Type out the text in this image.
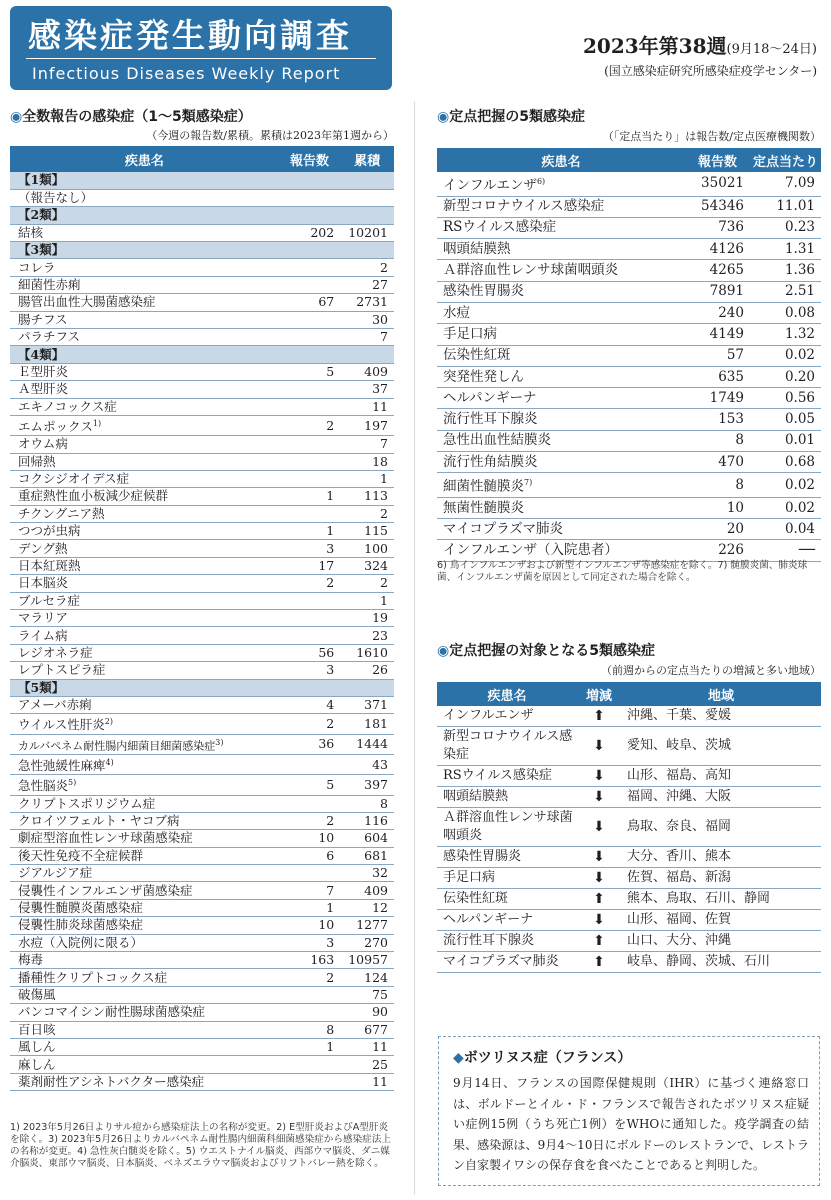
感染症発生動向調査
Infectious Diseases Weekly Report
2023年第38週(9月18～24日)
(国立感染症研究所感染症疫学センター)
◉全数報告の感染症（1～5類感染症）
（今週の報告数/累積。累積は2023年第1週から）
疾患名	報告数	累積
【1類】		
（報告なし）		
【2類】		
結核	202	10201
【3類】		
コレラ		2
細菌性赤痢		27
腸管出血性大腸菌感染症	67	2731
腸チフス		30
パラチフス		7
【4類】		
Ｅ型肝炎	5	409
Ａ型肝炎		37
エキノコックス症		11
エムポックス$^{1)}$	2	197
オウム病		7
回帰熱		18
コクシジオイデス症		1
重症熱性血小板減少症候群	1	113
チクングニア熱		2
つつが虫病	1	115
デング熱	3	100
日本紅斑熱	17	324
日本脳炎	2	2
ブルセラ症		1
マラリア		19
ライム病		23
レジオネラ症	56	1610
レプトスピラ症	3	26
【5類】		
アメーバ赤痢	4	371
ウイルス性肝炎$^{2)}$	2	181
カルバペネム耐性腸内細菌目細菌感染症$^{3)}$	36	1444
急性弛緩性麻痺$^{4)}$		43
急性脳炎$^{5)}$	5	397
クリプトスポリジウム症		8
クロイツフェルト・ヤコブ病	2	116
劇症型溶血性レンサ球菌感染症	10	604
後天性免疫不全症候群	6	681
ジアルジア症		32
侵襲性インフルエンザ菌感染症	7	409
侵襲性髄膜炎菌感染症	1	12
侵襲性肺炎球菌感染症	10	1277
水痘（入院例に限る）	3	270
梅毒	163	10957
播種性クリプトコックス症	2	124
破傷風		75
バンコマイシン耐性腸球菌感染症		90
百日咳	8	677
風しん	1	11
麻しん		25
薬剤耐性アシネトバクター感染症		11
1) 2023年5月26日よりサル痘から感染症法上の名称が変更。2) E型肝炎およびA型肝炎を除く。3) 2023年5月26日よりカルバペネム耐性腸内細菌科細菌感染症から感染症法上の名称が変更。4) 急性灰白髄炎を除く。5) ウエストナイル脳炎、西部ウマ脳炎、ダニ媒介脳炎、東部ウマ脳炎、日本脳炎、ベネズエラウマ脳炎およびリフトバレー熱を除く。
◉定点把握の5類感染症
（「定点当たり」は報告数/定点医療機関数）
疾患名	報告数	定点当たり
インフルエンザ$^{6)}$	35021	7.09
新型コロナウイルス感染症	54346	11.01
RSウイルス感染症	736	0.23
咽頭結膜熱	4126	1.31
Ａ群溶血性レンサ球菌咽頭炎	4265	1.36
感染性胃腸炎	7891	2.51
水痘	240	0.08
手足口病	4149	1.32
伝染性紅斑	57	0.02
突発性発しん	635	0.20
ヘルパンギーナ	1749	0.56
流行性耳下腺炎	153	0.05
急性出血性結膜炎	8	0.01
流行性角結膜炎	470	0.68
細菌性髄膜炎$^{7)}$	8	0.02
無菌性髄膜炎	10	0.02
マイコプラズマ肺炎	20	0.04
インフルエンザ（入院患者）	226	──
6) 鳥インフルエンザおよび新型インフルエンザ等感染症を除く。7) 髄膜炎菌、肺炎球菌、インフルエンザ菌を原因として同定された場合を除く。
◉定点把握の対象となる5類感染症
（前週からの定点当たりの増減と多い地域）
疾患名	増減	地域
インフルエンザ	⬆	沖縄、千葉、愛媛
新型コロナウイルス感染症	⬇	愛知、岐阜、茨城
RSウイルス感染症	⬇	山形、福島、高知
咽頭結膜熱	⬇	福岡、沖縄、大阪
Ａ群溶血性レンサ球菌咽頭炎	⬇	鳥取、奈良、福岡
感染性胃腸炎	⬇	大分、香川、熊本
手足口病	⬇	佐賀、福島、新潟
伝染性紅斑	⬆	熊本、鳥取、石川、静岡
ヘルパンギーナ	⬇	山形、福岡、佐賀
流行性耳下腺炎	⬆	山口、大分、沖縄
マイコプラズマ肺炎	⬆	岐阜、静岡、茨城、石川
◆ボツリヌス症（フランス）
9月14日、フランスの国際保健規則（IHR）に基づく連絡窓口は、ボルドーとイル・ド・フランスで報告されたボツリヌス症疑い症例15例（うち死亡1例）をWHOに通知した。疫学調査の結果、感染源は、9月4～10日にボルドーのレストランで、レストラン自家製イワシの保存食を食べたことであると判明した。
